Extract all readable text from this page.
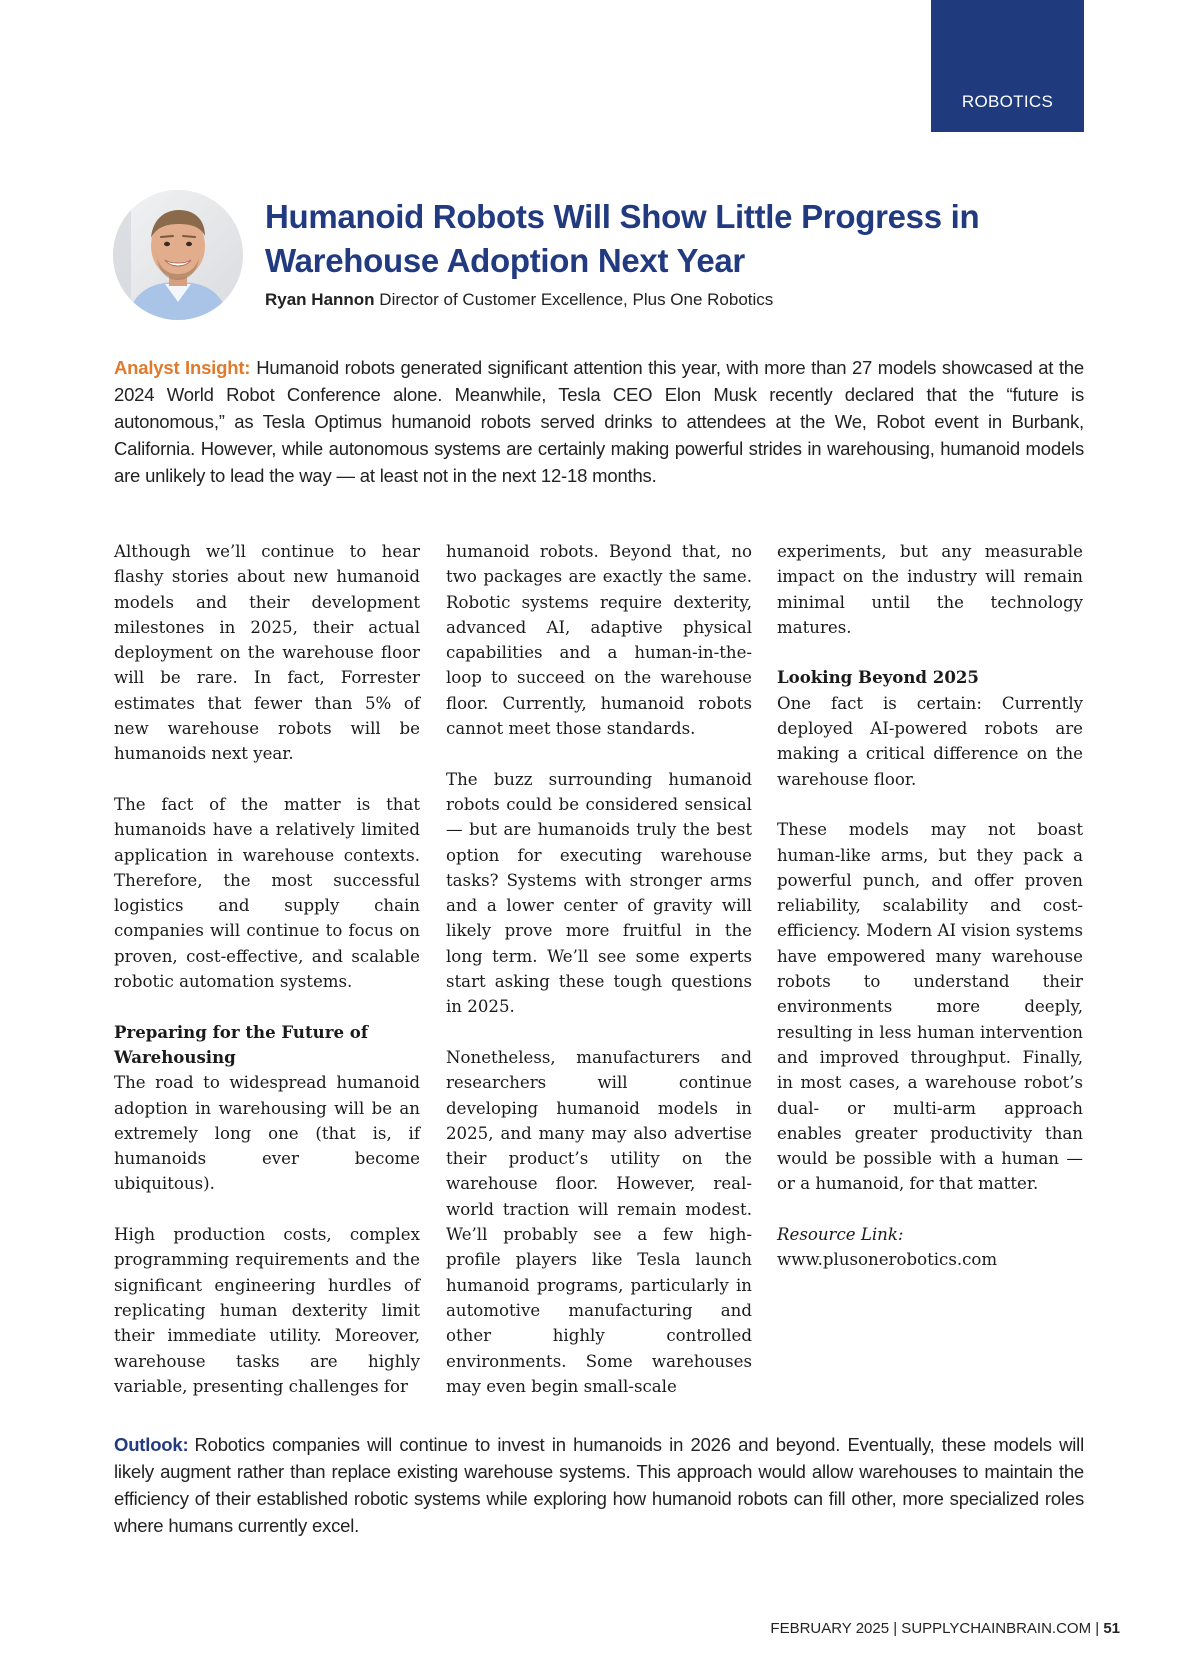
ROBOTICS
Humanoid Robots Will Show Little Progress in Warehouse Adoption Next Year
Ryan Hannon Director of Customer Excellence, Plus One Robotics

Analyst Insight: Humanoid robots generated significant attention this year, with more than 27 models showcased at the 2024 World Robot Conference alone. Meanwhile, Tesla CEO Elon Musk recently declared that the “future is autonomous,” as Tesla Optimus humanoid robots served drinks to attendees at the We, Robot event in Burbank, California. However, while autonomous systems are certainly making powerful strides in warehousing, humanoid models are unlikely to lead the way — at least not in the next 12-18 months.

Although we’ll continue to hear flashy stories about new humanoid models and their development milestones in 2025, their actual deployment on the warehouse floor will be rare. In fact, Forrester estimates that fewer than 5% of new warehouse robots will be humanoids next year.

The fact of the matter is that humanoids have a relatively limited application in warehouse contexts. Therefore, the most successful logistics and supply chain companies will continue to focus on proven, cost-effective, and scalable robotic automation systems.

Preparing for the Future of Warehousing

The road to widespread humanoid adoption in warehousing will be an extremely long one (that is, if humanoids ever become ubiquitous).

High production costs, complex programming requirements and the significant engineering hurdles of replicating human dexterity limit their immediate utility. Moreover, warehouse tasks are highly variable, presenting challenges for

humanoid robots. Beyond that, no two packages are exactly the same. Robotic systems require dexterity, advanced AI, adaptive physical capabilities and a human-in-the-loop to succeed on the warehouse floor. Currently, humanoid robots cannot meet those standards.

The buzz surrounding humanoid robots could be considered sensical — but are humanoids truly the best option for executing warehouse tasks? Systems with stronger arms and a lower center of gravity will likely prove more fruitful in the long term. We’ll see some experts start asking these tough questions in 2025.

Nonetheless, manufacturers and researchers will continue developing humanoid models in 2025, and many may also advertise their product’s utility on the warehouse floor. However, real-world traction will remain modest. We’ll probably see a few high-profile players like Tesla launch humanoid programs, particularly in automotive manufacturing and other highly controlled environments. Some warehouses may even begin small-scale

experiments, but any measurable impact on the industry will remain minimal until the technology matures.

Looking Beyond 2025

One fact is certain: Currently deployed AI-powered robots are making a critical difference on the warehouse floor.

These models may not boast human-like arms, but they pack a powerful punch, and offer proven reliability, scalability and cost-efficiency. Modern AI vision systems have empowered many warehouse robots to understand their environments more deeply, resulting in less human intervention and improved throughput. Finally, in most cases, a warehouse robot’s dual- or multi-arm approach enables greater productivity than would be possible with a human — or a humanoid, for that matter.

Resource Link:
www.plusonerobotics.com

Outlook: Robotics companies will continue to invest in humanoids in 2026 and beyond. Eventually, these models will likely augment rather than replace existing warehouse systems. This approach would allow warehouses to maintain the efficiency of their established robotic systems while exploring how humanoid robots can fill other, more specialized roles where humans currently excel.

FEBRUARY 2025 | SUPPLYCHAINBRAIN.COM | 51
